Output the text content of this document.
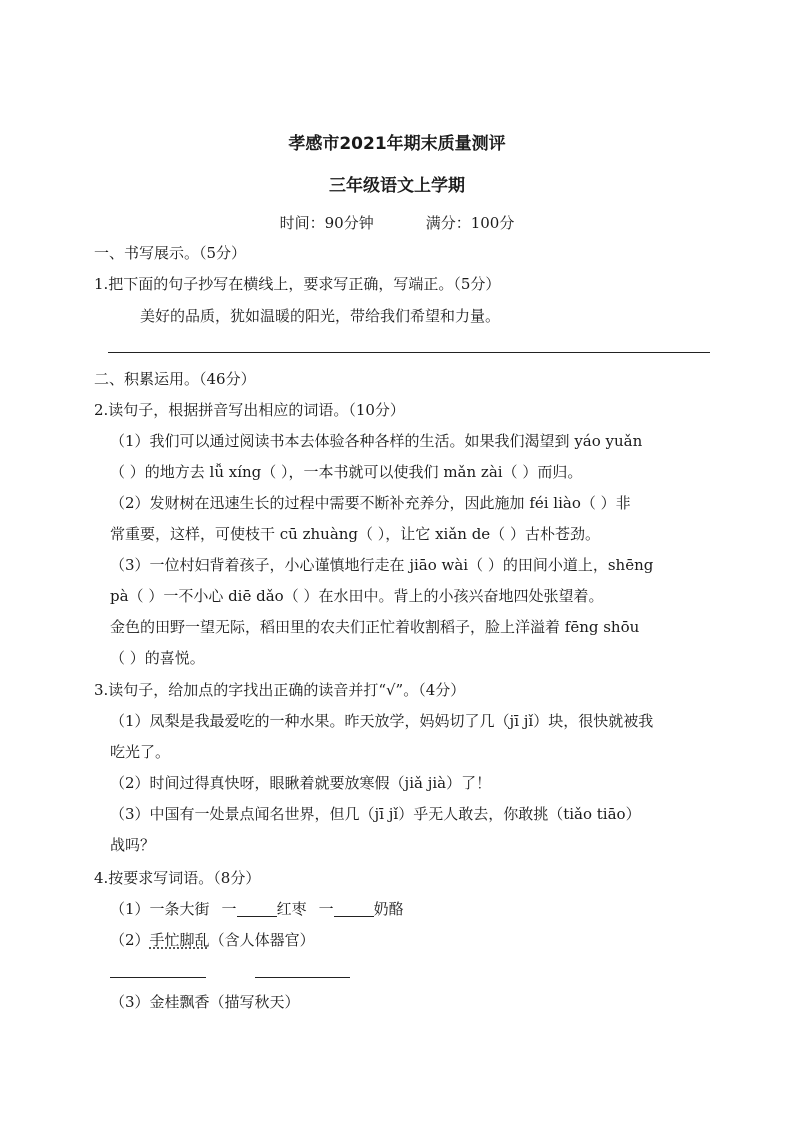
孝感市2021年期末质量测评
三年级语文上学期
时间：90分钟	满分：100分
一、书写展示。（5分）
1.把下面的句子抄写在横线上，要求写正确，写端正。（5分）
美好的品质，犹如温暖的阳光，带给我们希望和力量。
二、积累运用。（46分）
2.读句子，根据拼音写出相应的词语。（10分）
（1）我们可以通过阅读书本去体验各种各样的生活。如果我们渴望到 yáo yuǎn
（ ）的地方去 lǚ xíng（ ），一本书就可以使我们 mǎn zài（ ）而归。
（2）发财树在迅速生长的过程中需要不断补充养分，因此施加 féi liào（ ）非
常重要，这样，可使枝干 cū zhuàng（ ），让它 xiǎn de（ ）古朴苍劲。
（3）一位村妇背着孩子，小心谨慎地行走在 jiāo wài（ ）的田间小道上，shēng
pà（ ）一不小心 diē dǎo（ ）在水田中。背上的小孩兴奋地四处张望着。
金色的田野一望无际，稻田里的农夫们正忙着收割稻子，脸上洋溢着 fēng shōu
（ ）的喜悦。
3.读句子，给加点的字找出正确的读音并打“√”。（4分）
（1）凤梨是我最爱吃的一种水果。昨天放学，妈妈切了几（jī jǐ）块，很快就被我
吃光了。
（2）时间过得真快呀，眼瞅着就要放寒假（jiǎ jià）了！
（3）中国有一处景点闻名世界，但几（jī jǐ）乎无人敢去，你敢挑（tiǎo tiāo）
战吗？
4.按要求写词语。（8分）
（1）一条大街 一	红枣 一	奶酪
（2）手忙脚乱（含人体器官）
（3）金桂飘香（描写秋天）
